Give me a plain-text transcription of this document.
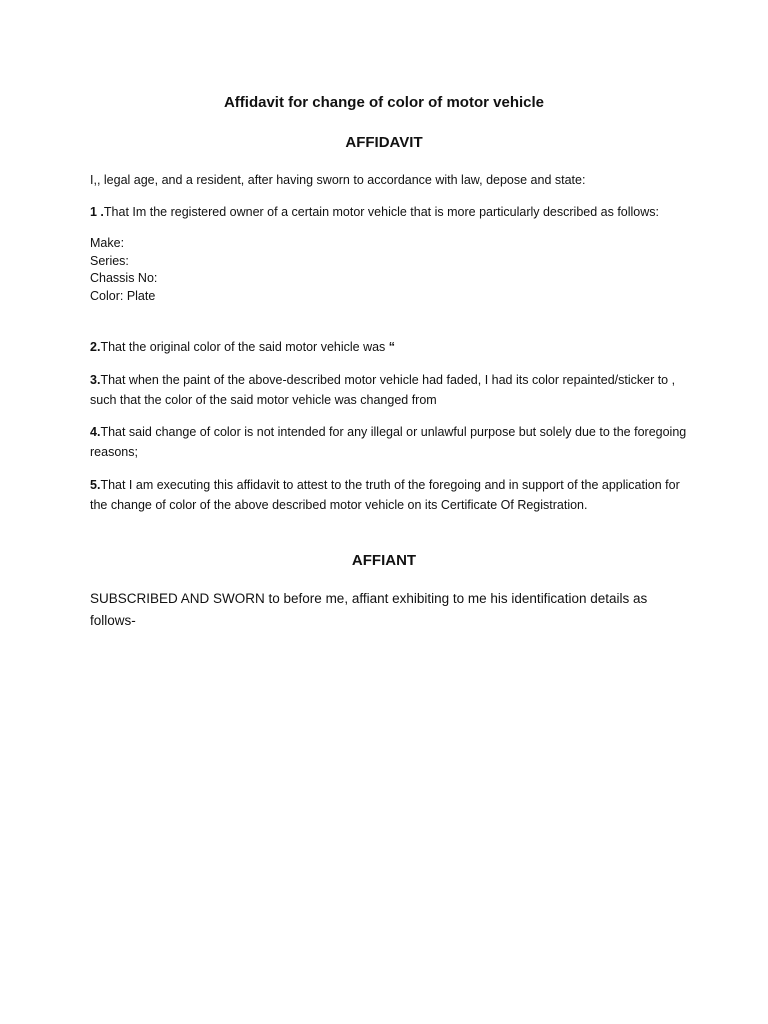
Affidavit for change of color of motor vehicle
AFFIDAVIT
I,, legal age, and a resident, after having sworn to accordance with law, depose and state:
1 .That Im the registered owner of a certain motor vehicle that is more particularly described as follows:
Make:
Series:
Chassis No:
Color: Plate
2.That the original color of the said motor vehicle was “
3.That when the paint of the above-described motor vehicle had faded, I had its color repainted/sticker to , such that the color of the said motor vehicle was changed from
4.That said change of color is not intended for any illegal or unlawful purpose but solely due to the foregoing reasons;
5.That I am executing this affidavit to attest to the truth of the foregoing and in support of the application for the change of color of the above described motor vehicle on its Certificate Of Registration.
AFFIANT
SUBSCRIBED AND SWORN to before me, affiant exhibiting to me his identification details as follows-
